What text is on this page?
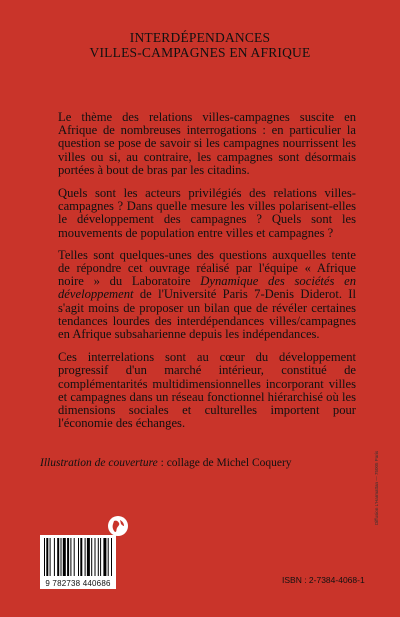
INTERDÉPENDANCES
VILLES-CAMPAGNES EN AFRIQUE

Le thème des relations villes-campagnes suscite en Afrique de nombreuses interrogations : en particulier la question se pose de savoir si les campagnes nourrissent les villes ou si, au contraire, les campagnes sont désormais portées à bout de bras par les citadins.

Quels sont les acteurs privilégiés des relations villes-campagnes ? Dans quelle mesure les villes polarisent-elles le développement des campagnes ? Quels sont les mouvements de population entre villes et campagnes ?

Telles sont quelques-unes des questions auxquelles tente de répondre cet ouvrage réalisé par l'équipe « Afrique noire » du Laboratoire Dynamique des sociétés en développement de l'Université Paris 7-Denis Diderot. Il s'agit moins de proposer un bilan que de révéler certaines tendances lourdes des interdépendances villes/campagnes en Afrique subsaharienne depuis les indépendances.

Ces interrelations sont au cœur du développement progressif d'un marché intérieur, constitué de complémentarités multidimensionnelles incorporant villes et campagnes dans un réseau fonctionnel hiérarchisé où les dimensions sociales et culturelles importent pour l'économie des échanges.

Illustration de couverture : collage de Michel Coquery	Diffusion L'Harmattan — 75005 Paris
9 782738 440686	ISBN : 2-7384-4068-1
